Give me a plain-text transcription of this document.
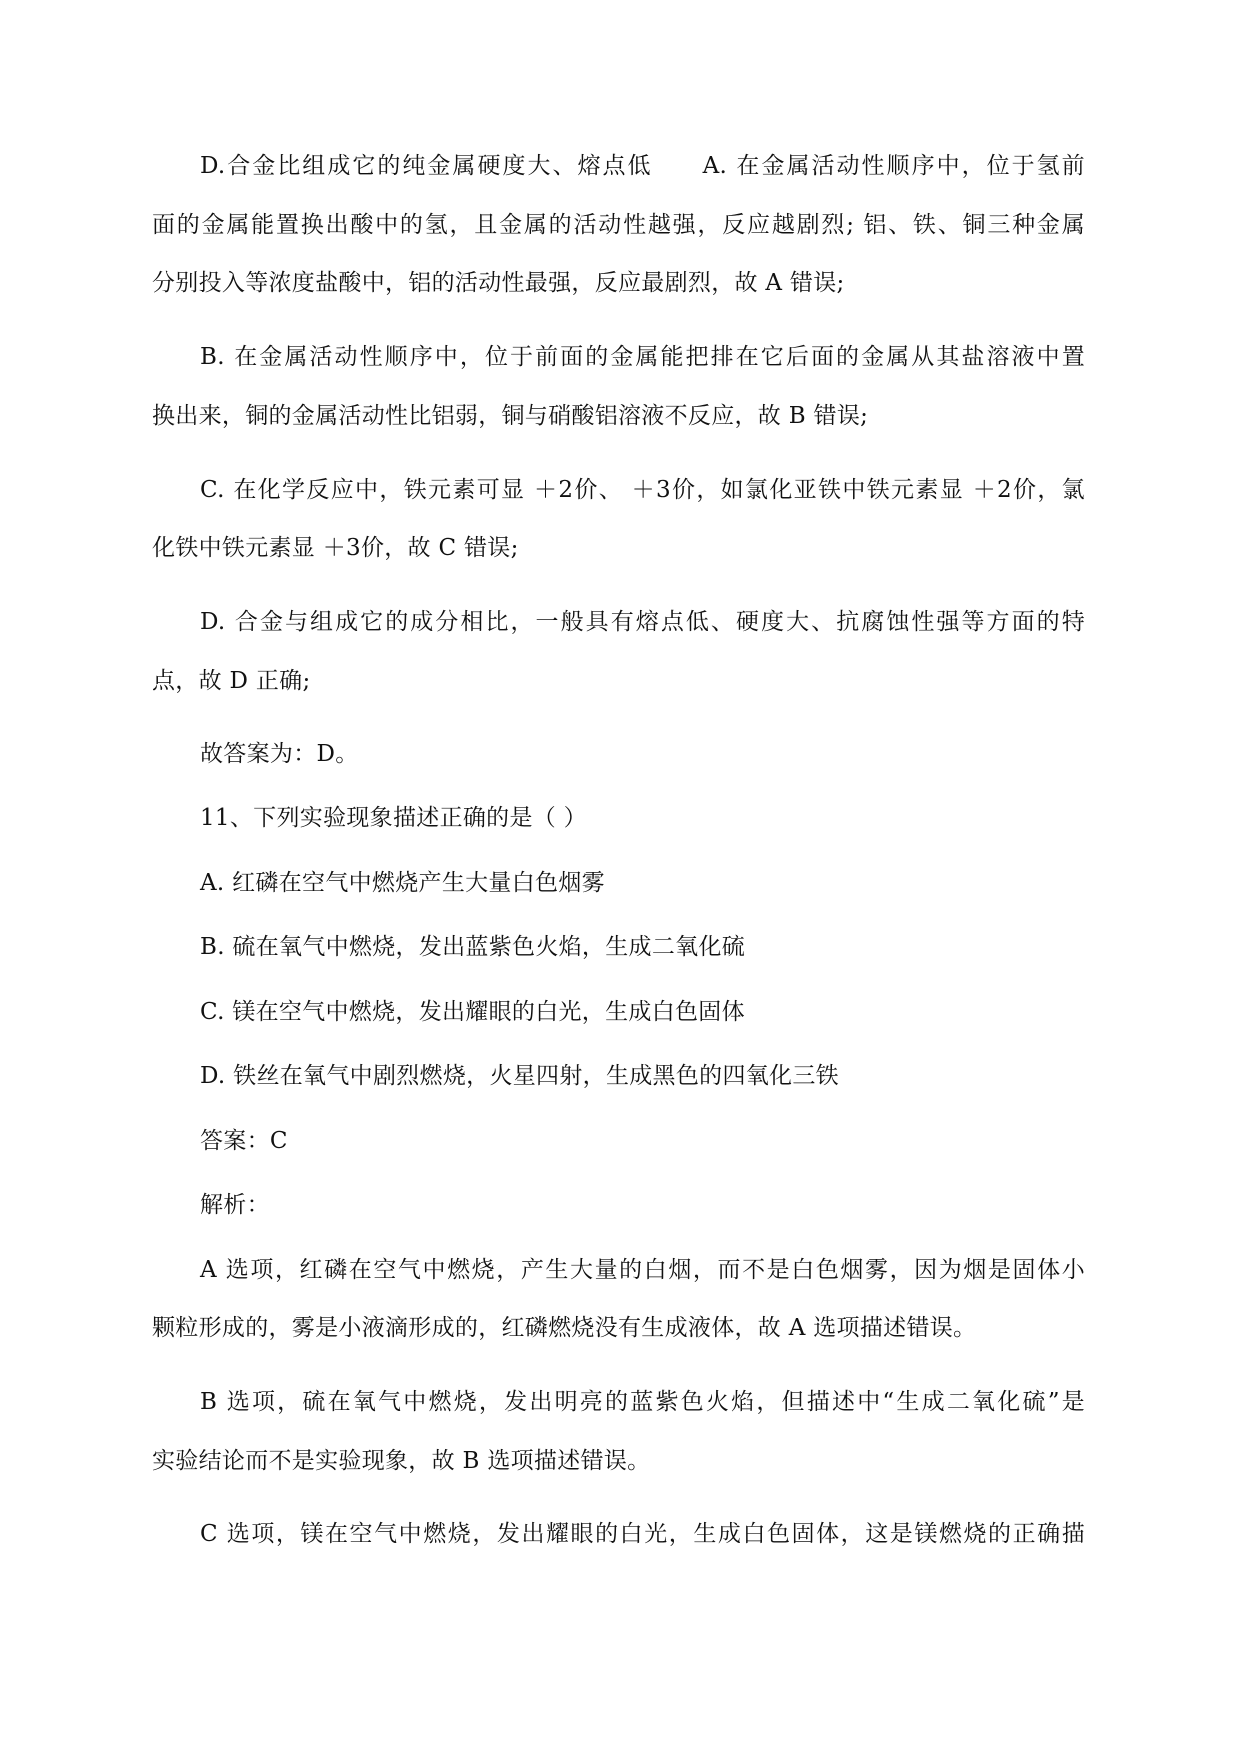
D.合金比组成它的纯金属硬度大、熔点低 A. 在金属活动性顺序中，位于氢前
面的金属能置换出酸中的氢，且金属的活动性越强，反应越剧烈; 铝、铁、铜三种金属
分别投入等浓度盐酸中，铝的活动性最强，反应最剧烈，故 A 错误;
B. 在金属活动性顺序中，位于前面的金属能把排在它后面的金属从其盐溶液中置
换出来，铜的金属活动性比铝弱，铜与硝酸铝溶液不反应，故 B 错误;
C. 在化学反应中，铁元素可显 ＋2价、 ＋3价，如氯化亚铁中铁元素显 ＋2价，氯
化铁中铁元素显 ＋3价，故 C 错误;
D. 合金与组成它的成分相比，一般具有熔点低、硬度大、抗腐蚀性强等方面的特
点，故 D 正确;
故答案为：D。
11、下列实验现象描述正确的是（ ）
A. 红磷在空气中燃烧产生大量白色烟雾
B. 硫在氧气中燃烧，发出蓝紫色火焰，生成二氧化硫
C. 镁在空气中燃烧，发出耀眼的白光，生成白色固体
D. 铁丝在氧气中剧烈燃烧，火星四射，生成黑色的四氧化三铁
答案：C
解析：
A 选项，红磷在空气中燃烧，产生大量的白烟，而不是白色烟雾，因为烟是固体小
颗粒形成的，雾是小液滴形成的，红磷燃烧没有生成液体，故 A 选项描述错误。
B 选项，硫在氧气中燃烧，发出明亮的蓝紫色火焰，但描述中“生成二氧化硫”是
实验结论而不是实验现象，故 B 选项描述错误。
C 选项，镁在空气中燃烧，发出耀眼的白光，生成白色固体，这是镁燃烧的正确描
